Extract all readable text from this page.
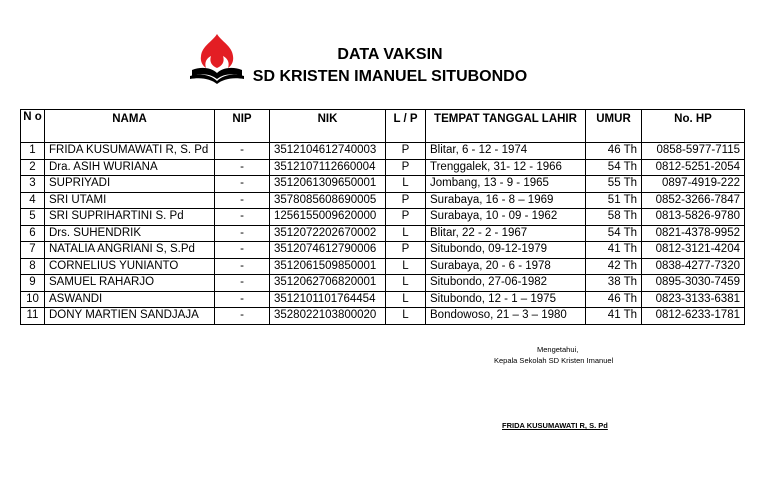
DATA VAKSIN
SD KRISTEN IMANUEL SITUBONDO
N o	NAMA	NIP	NIK	L / P	TEMPAT TANGGAL LAHIR	UMUR	No. HP
1	FRIDA KUSUMAWATI R, S. Pd	-	3512104612740003	P	Blitar, 6 - 12 - 1974	46 Th	0858-5977-7115
2	Dra. ASIH WURIANA	-	3512107112660004	P	Trenggalek, 31- 12 - 1966	54 Th	0812-5251-2054
3	SUPRIYADI	-	3512061309650001	L	Jombang, 13 - 9 - 1965	55 Th	0897-4919-222
4	SRI UTAMI	-	3578085608690005	P	Surabaya, 16 - 8 – 1969	51 Th	0852-3266-7847
5	SRI SUPRIHARTINI S. Pd	-	1256155009620000	P	Surabaya, 10 - 09 - 1962	58 Th	0813-5826-9780
6	Drs. SUHENDRIK	-	3512072202670002	L	Blitar, 22 - 2 - 1967	54 Th	0821-4378-9952
7	NATALIA ANGRIANI S, S.Pd	-	3512074612790006	P	Situbondo, 09-12-1979	41 Th	0812-3121-4204
8	CORNELIUS YUNIANTO	-	3512061509850001	L	Surabaya, 20 - 6 - 1978	42 Th	0838-4277-7320
9	SAMUEL RAHARJO	-	3512062706820001	L	Situbondo, 27-06-1982	38 Th	0895-3030-7459
10	ASWANDI	-	3512101101764454	L	Situbondo, 12 - 1 – 1975	46 Th	0823-3133-6381
11	DONY MARTIEN SANDJAJA	-	3528022103800020	L	Bondowoso, 21 – 3 – 1980	41 Th	0812-6233-1781
Mengetahui,
Kepala Sekolah SD Kristen Imanuel
FRIDA KUSUMAWATI R, S. Pd
